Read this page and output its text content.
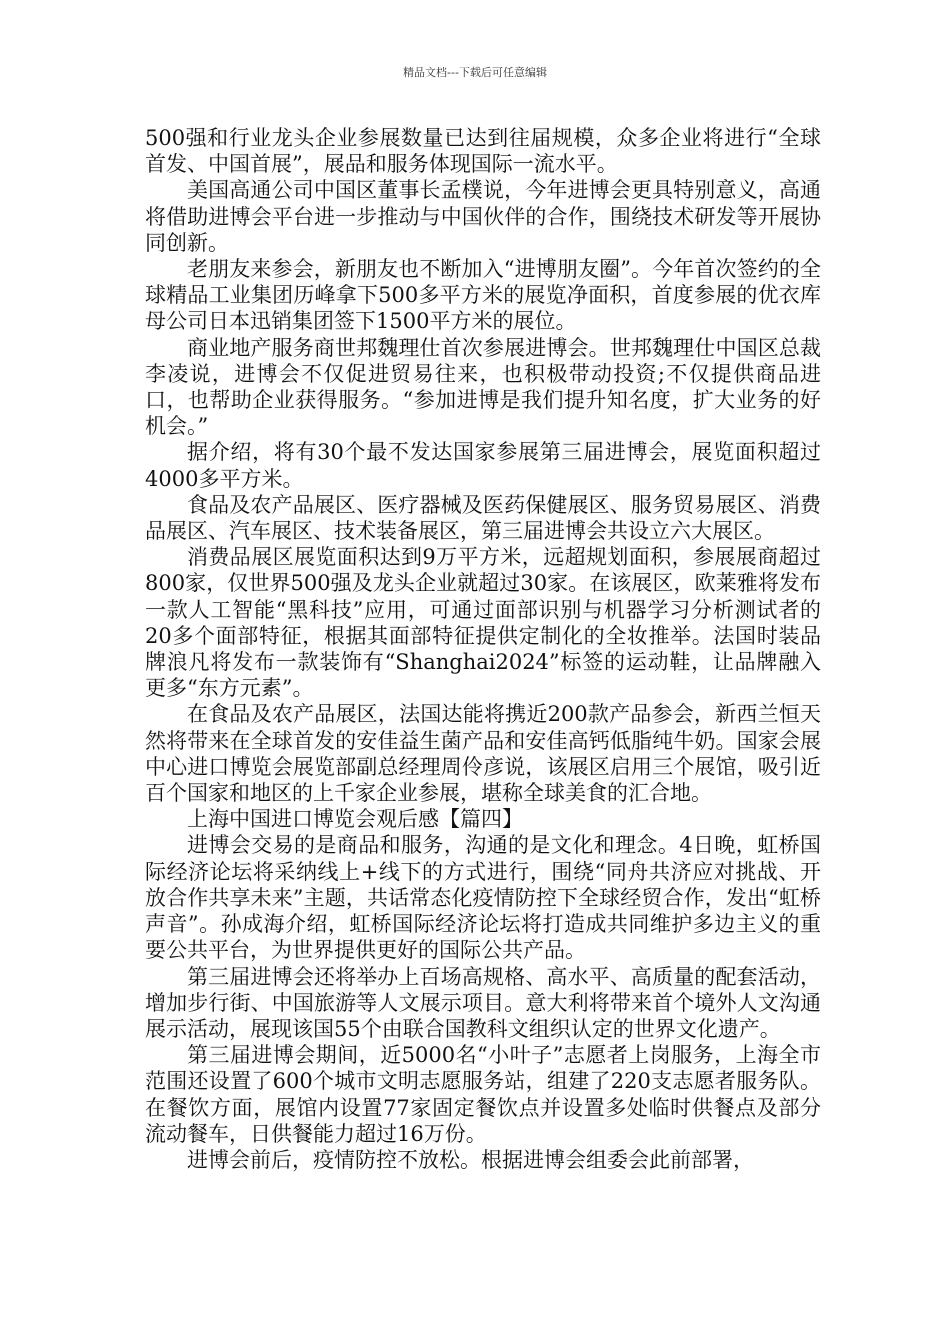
精品文档---下载后可任意编辑

500强和行业龙头企业参展数量已达到往届规模，众多企业将进行“全球首发、中国首展”，展品和服务体现国际一流水平。

美国高通公司中国区董事长孟樸说，今年进博会更具特别意义，高通将借助进博会平台进一步推动与中国伙伴的合作，围绕技术研发等开展协同创新。

老朋友来参会，新朋友也不断加入“进博朋友圈”。今年首次签约的全球精品工业集团历峰拿下500多平方米的展览净面积，首度参展的优衣库母公司日本迅销集团签下1500平方米的展位。

商业地产服务商世邦魏理仕首次参展进博会。世邦魏理仕中国区总裁李凌说，进博会不仅促进贸易往来，也积极带动投资;不仅提供商品进口，也帮助企业获得服务。“参加进博是我们提升知名度，扩大业务的好机会。”

据介绍，将有30个最不发达国家参展第三届进博会，展览面积超过4000多平方米。

食品及农产品展区、医疗器械及医药保健展区、服务贸易展区、消费品展区、汽车展区、技术装备展区，第三届进博会共设立六大展区。

消费品展区展览面积达到9万平方米，远超规划面积，参展展商超过800家，仅世界500强及龙头企业就超过30家。在该展区，欧莱雅将发布一款人工智能“黑科技”应用，可通过面部识别与机器学习分析测试者的20多个面部特征，根据其面部特征提供定制化的全妆推举。法国时装品牌浪凡将发布一款装饰有“Shanghai2024”标签的运动鞋，让品牌融入更多“东方元素”。

在食品及农产品展区，法国达能将携近200款产品参会，新西兰恒天然将带来在全球首发的安佳益生菌产品和安佳高钙低脂纯牛奶。国家会展中心进口博览会展览部副总经理周伶彦说，该展区启用三个展馆，吸引近百个国家和地区的上千家企业参展，堪称全球美食的汇合地。

上海中国进口博览会观后感【篇四】

进博会交易的是商品和服务，沟通的是文化和理念。4日晚，虹桥国际经济论坛将采纳线上+线下的方式进行，围绕“同舟共济应对挑战、开放合作共享未来”主题，共话常态化疫情防控下全球经贸合作，发出“虹桥声音”。孙成海介绍，虹桥国际经济论坛将打造成共同维护多边主义的重要公共平台，为世界提供更好的国际公共产品。

第三届进博会还将举办上百场高规格、高水平、高质量的配套活动，增加步行街、中国旅游等人文展示项目。意大利将带来首个境外人文沟通展示活动，展现该国55个由联合国教科文组织认定的世界文化遗产。

第三届进博会期间，近5000名“小叶子”志愿者上岗服务，上海全市范围还设置了600个城市文明志愿服务站，组建了220支志愿者服务队。在餐饮方面，展馆内设置77家固定餐饮点并设置多处临时供餐点及部分流动餐车，日供餐能力超过16万份。

进博会前后，疫情防控不放松。根据进博会组委会此前部署，
